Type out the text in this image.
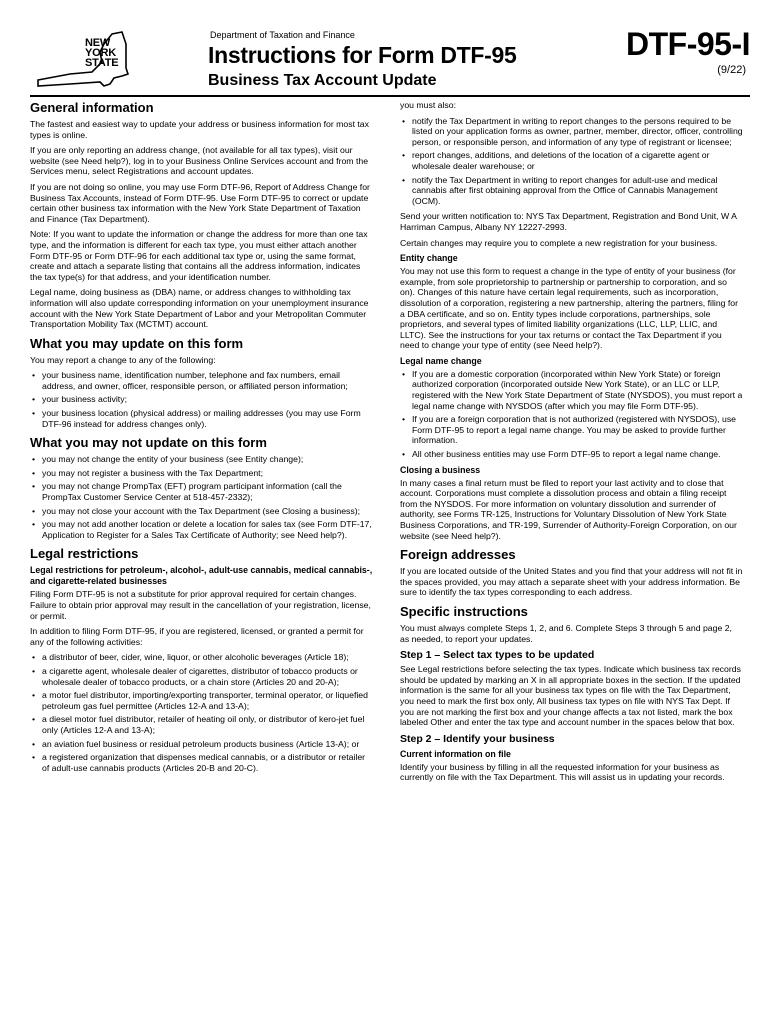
NEW
YORK
STATE
Department of Taxation and Finance
Instructions for Form DTF-95
Business Tax Account Update
DTF-95-I
(9/22)
General information

The fastest and easiest way to update your address or business information for most tax types is online.

If you are only reporting an address change, (not available for all tax types), visit our website (see Need help?), log in to your Business Online Services account and from the Services menu, select Registrations and account updates.

If you are not doing so online, you may use Form DTF-96, Report of Address Change for Business Tax Accounts, instead of Form DTF-95. Use Form DTF-95 to correct or update certain other business tax information with the New York State Department of Taxation and Finance (Tax Department).

Note: If you want to update the information or change the address for more than one tax type, and the information is different for each tax type, you must either attach another Form DTF-95 or Form DTF-96 for each additional tax type or, using the same format, create and attach a separate listing that contains all the address information, indicates the tax type(s) for that address, and your identification number.

Legal name, doing business as (DBA) name, or address changes to withholding tax information will also update corresponding information on your unemployment insurance account with the New York State Department of Labor and your Metropolitan Commuter Transportation Mobility Tax (MCTMT) account.

What you may update on this form

You may report a change to any of the following:

• your business name, identification number, telephone and fax numbers, email address, and owner, officer, responsible person, or affiliated person information;
• your business activity;
• your business location (physical address) or mailing addresses (you may use Form DTF-96 instead for address changes only).
What you may not update on this form
• you may not change the entity of your business (see Entity change);
• you may not register a business with the Tax Department;
• you may not change PrompTax (EFT) program participant information (call the PrompTax Customer Service Center at 518-457-2332);
• you may not close your account with the Tax Department (see Closing a business);
• you may not add another location or delete a location for sales tax (see Form DTF-17, Application to Register for a Sales Tax Certificate of Authority; see Need help?).
Legal restrictions
Legal restrictions for petroleum-, alcohol-, adult-use cannabis, medical cannabis-, and cigarette-related businesses

Filing Form DTF-95 is not a substitute for prior approval required for certain changes. Failure to obtain prior approval may result in the cancellation of your registration, license, or permit.

In addition to filing Form DTF-95, if you are registered, licensed, or granted a permit for any of the following activities:

• a distributor of beer, cider, wine, liquor, or other alcoholic beverages (Article 18);
• a cigarette agent, wholesale dealer of cigarettes, distributor of tobacco products or wholesale dealer of tobacco products, or a chain store (Articles 20 and 20-A);
• a motor fuel distributor, importing/exporting transporter, terminal operator, or liquefied petroleum gas fuel permittee (Articles 12-A and 13-A);
• a diesel motor fuel distributor, retailer of heating oil only, or distributor of kero-jet fuel only (Articles 12-A and 13-A);
• an aviation fuel business or residual petroleum products business (Article 13-A); or
• a registered organization that dispenses medical cannabis, or a distributor or retailer of adult-use cannabis products (Articles 20-B and 20-C).

you must also:

• notify the Tax Department in writing to report changes to the persons required to be listed on your application forms as owner, partner, member, director, officer, controlling person, or responsible person, and information of any type of registrant or licensee;
• report changes, additions, and deletions of the location of a cigarette agent or wholesale dealer warehouse; or
• notify the Tax Department in writing to report changes for adult-use and medical cannabis after first obtaining approval from the Office of Cannabis Management (OCM).

Send your written notification to: NYS Tax Department, Registration and Bond Unit, W A Harriman Campus, Albany NY 12227-2993.

Certain changes may require you to complete a new registration for your business.

Entity change

You may not use this form to request a change in the type of entity of your business (for example, from sole proprietorship to partnership or partnership to corporation, and so on). Changes of this nature have certain legal requirements, such as incorporation, dissolution of a corporation, registering a new partnership, altering the partners, filing for a DBA certificate, and so on. Entity types include corporations, partnerships, sole proprietors, and several types of limited liability organizations (LLC, LLP, LLIC, and LLTC). See the instructions for your tax returns or contact the Tax Department if you need to change your type of entity (see Need help?).

Legal name change
• If you are a domestic corporation (incorporated within New York State) or foreign authorized corporation (incorporated outside New York State), or an LLC or LLP, registered with the New York State Department of State (NYSDOS), you must report a legal name change with NYSDOS (after which you may file Form DTF-95).
• If you are a foreign corporation that is not authorized (registered with NYSDOS), use Form DTF-95 to report a legal name change. You may be asked to provide further information.
• All other business entities may use Form DTF-95 to report a legal name change.
Closing a business

In many cases a final return must be filed to report your last activity and to close that account. Corporations must complete a dissolution process and obtain a filing receipt from the NYSDOS. For more information on voluntary dissolution and surrender of authority, see Forms TR-125, Instructions for Voluntary Dissolution of New York State Business Corporations, and TR-199, Surrender of Authority-Foreign Corporation, on our website (see Need help?).

Foreign addresses

If you are located outside of the United States and you find that your address will not fit in the spaces provided, you may attach a separate sheet with your address information. Be sure to identify the tax types corresponding to each address.

Specific instructions

You must always complete Steps 1, 2, and 6. Complete Steps 3 through 5 and page 2, as needed, to report your updates.

Step 1 – Select tax types to be updated

See Legal restrictions before selecting the tax types. Indicate which business tax records should be updated by marking an X in all appropriate boxes in the section. If the updated information is the same for all your business tax types on file with the Tax Department, you need to mark the first box only, All business tax types on file with NYS Tax Dept. If you are not marking the first box and your change affects a tax not listed, mark the box labeled Other and enter the tax type and account number in the spaces below that box.

Step 2 – Identify your business
Current information on file

Identify your business by filling in all the requested information for your business as currently on file with the Tax Department. This will assist us in updating your records.
